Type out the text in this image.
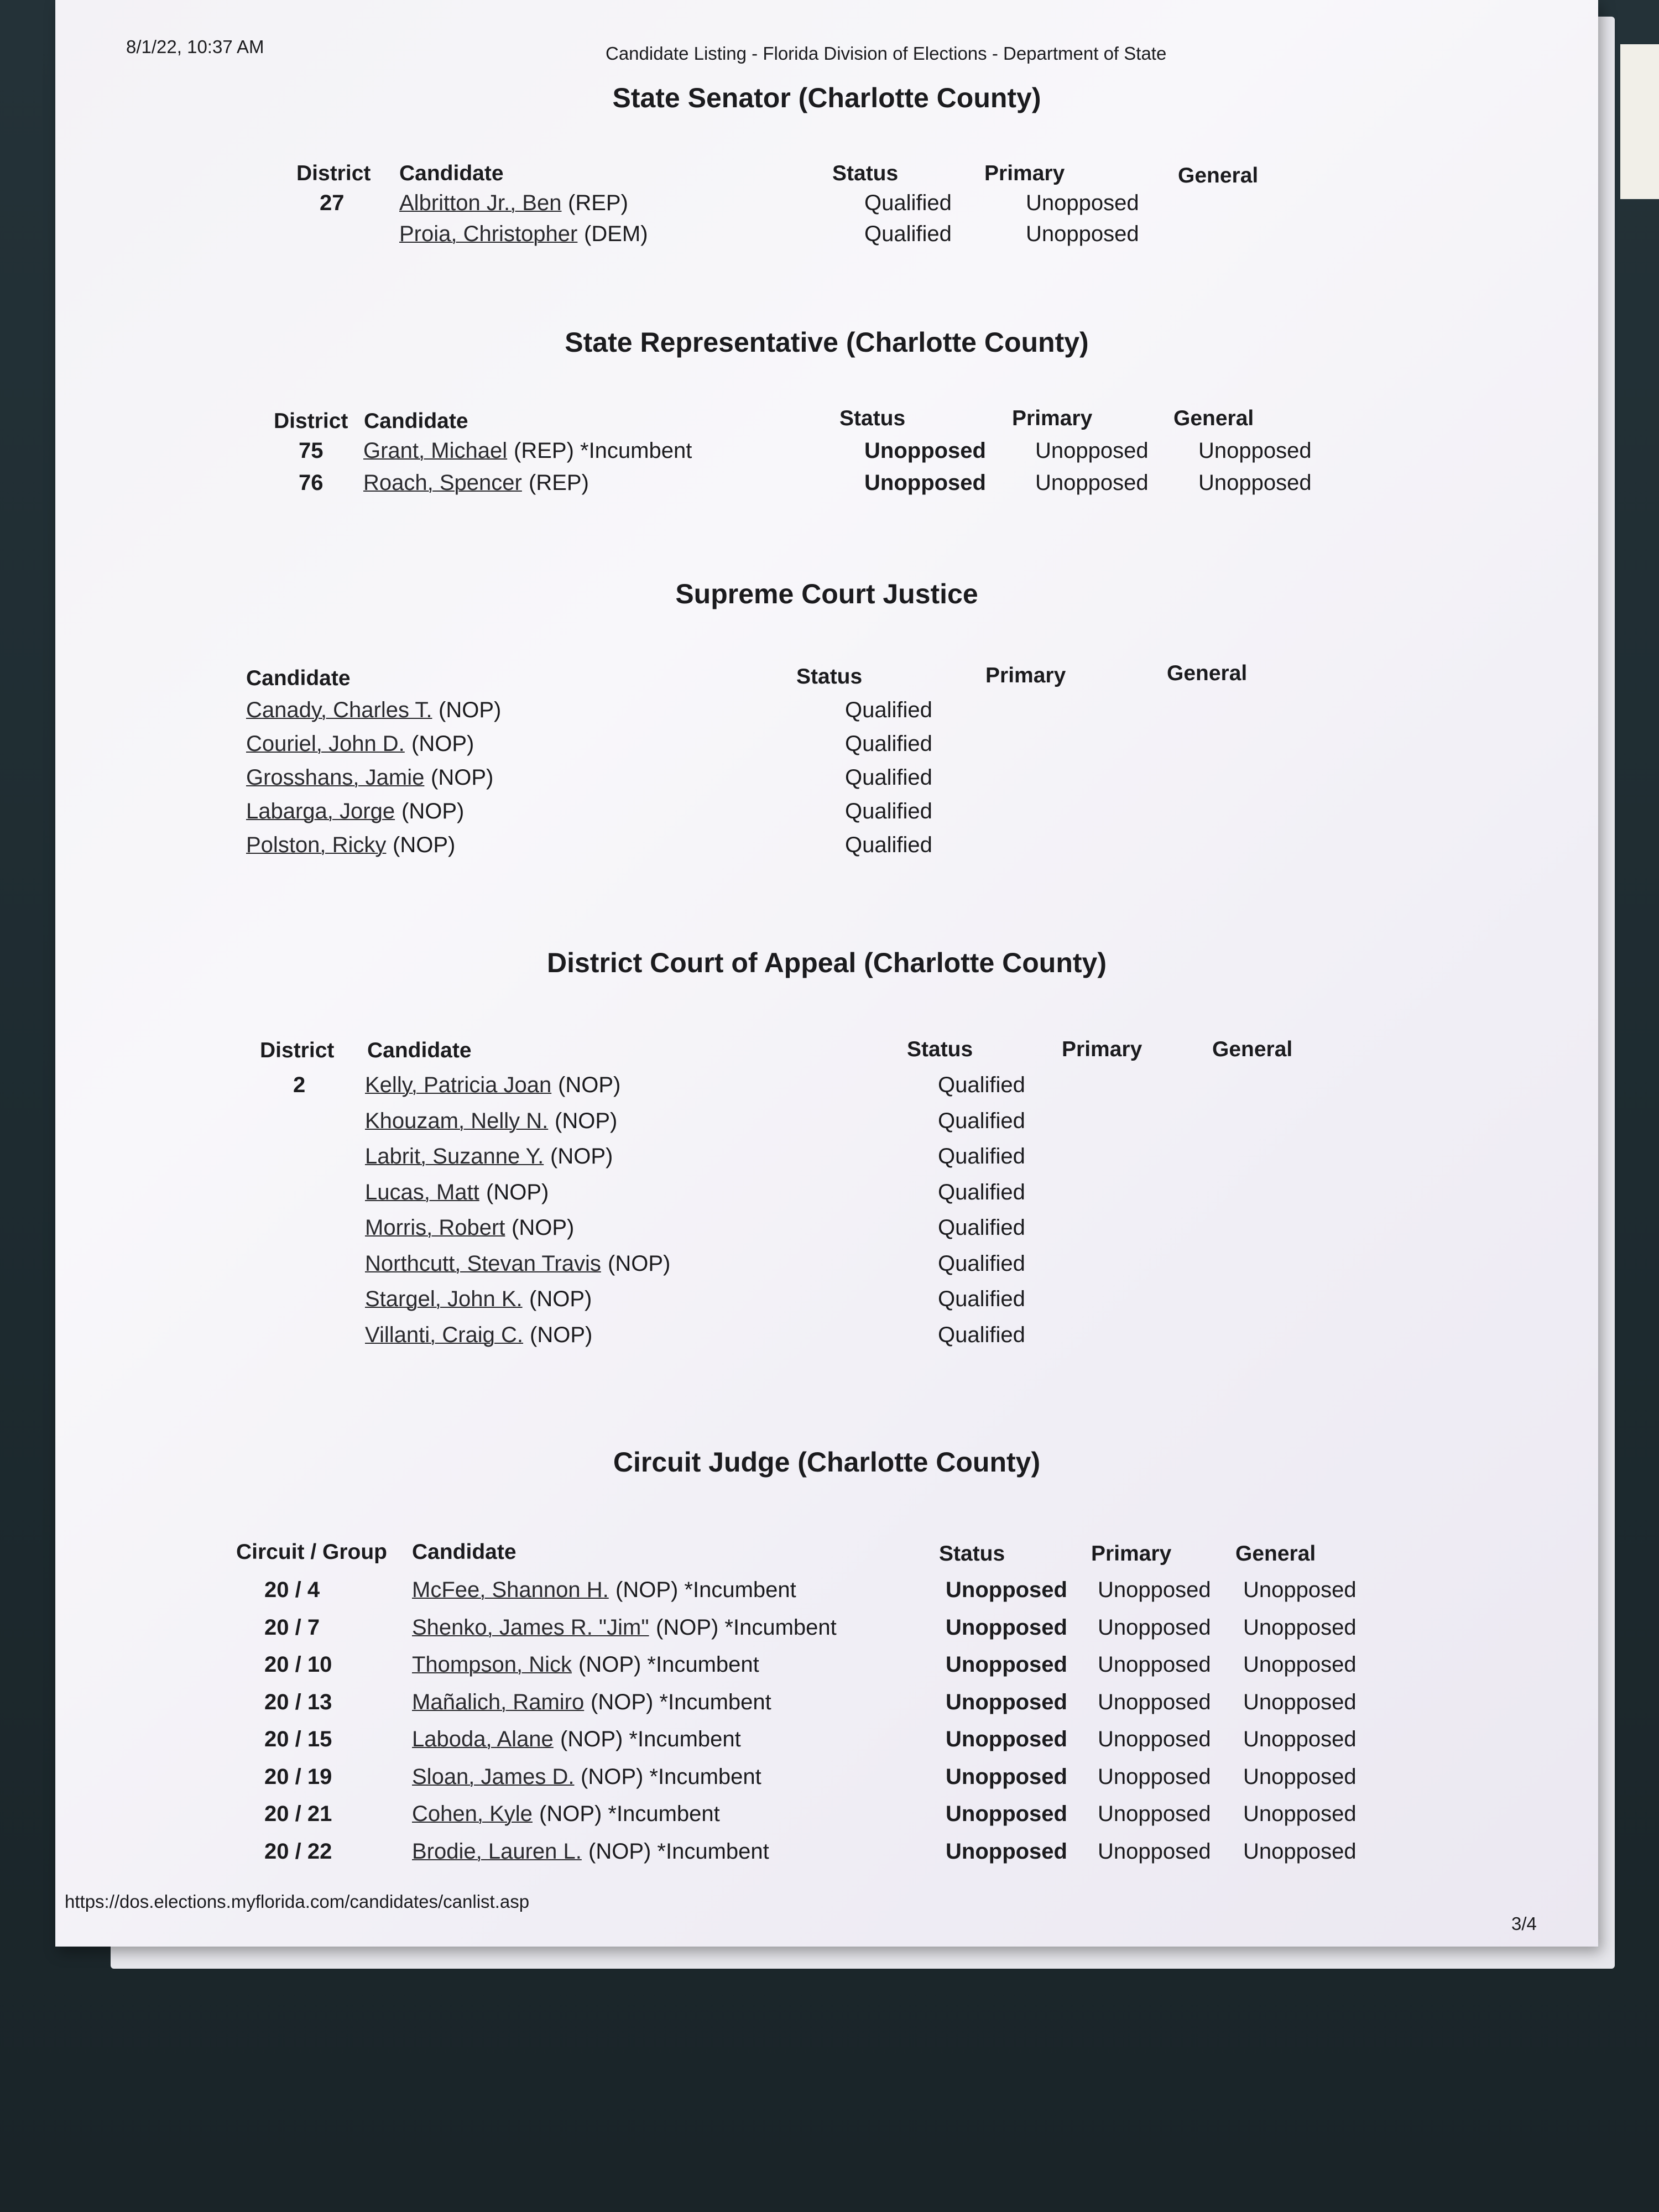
8/1/22, 10:37 AM	Candidate Listing - Florida Division of Elections - Department of State
State Senator (Charlotte County)
District Candidate	Status	Primary	General
27 Albritton Jr., Ben (REP)	Qualified	Unopposed
Proia, Christopher (DEM)	Qualified	Unopposed
State Representative (Charlotte County)
District Candidate	Status	Primary	General
75 Grant, Michael (REP) *Incumbent	Unopposed Unopposed Unopposed
76 Roach, Spencer (REP)	Unopposed Unopposed Unopposed
Supreme Court Justice
Candidate	Status	Primary	General
Canady, Charles T. (NOP)	Qualified
Couriel, John D. (NOP)	Qualified
Grosshans, Jamie (NOP)	Qualified
Labarga, Jorge (NOP)	Qualified
Polston, Ricky (NOP)	Qualified
District Court of Appeal (Charlotte County)
District Candidate	Status	Primary	General
2	Kelly, Patricia Joan (NOP)	Qualified
Khouzam, Nelly N. (NOP)	Qualified
Labrit, Suzanne Y. (NOP)	Qualified
Lucas, Matt (NOP)	Qualified
Morris, Robert (NOP)	Qualified
Northcutt, Stevan Travis (NOP)	Qualified
Stargel, John K. (NOP)	Qualified
Villanti, Craig C. (NOP)	Qualified
Circuit Judge (Charlotte County)
Circuit / Group Candidate	Status	Primary	General
20 / 4	McFee, Shannon H. (NOP) *Incumbent	Unopposed Unopposed Unopposed
20 / 7	Shenko, James R. "Jim" (NOP) *Incumbent	Unopposed Unopposed Unopposed
20 / 10	Thompson, Nick (NOP) *Incumbent	Unopposed Unopposed Unopposed
20 / 13	Mañalich, Ramiro (NOP) *Incumbent	Unopposed Unopposed Unopposed
20 / 15	Laboda, Alane (NOP) *Incumbent	Unopposed Unopposed Unopposed
20 / 19	Sloan, James D. (NOP) *Incumbent	Unopposed Unopposed Unopposed
20 / 21	Cohen, Kyle (NOP) *Incumbent	Unopposed Unopposed Unopposed
20 / 22	Brodie, Lauren L. (NOP) *Incumbent	Unopposed Unopposed Unopposed
https://dos.elections.myflorida.com/candidates/canlist.asp
3/4
